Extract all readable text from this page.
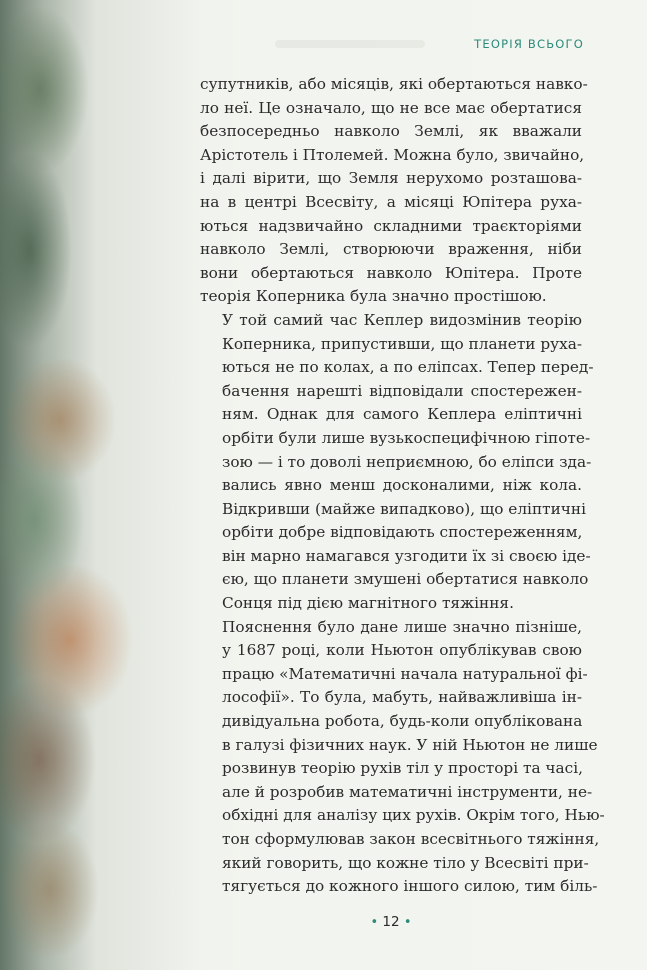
ТЕОРІЯ ВСЬОГО

супутників, або місяців, які обертаються навко-
ло неї. Це означало, що не все має обертатися
безпосередньо навколо Землі, як вважали
Арістотель і Птолемей. Можна було, звичайно,
і далі вірити, що Земля нерухомо розташова-
на в центрі Всесвіту, а місяці Юпітера руха-
ються надзвичайно складними траєкторіями
навколо Землі, створюючи враження, ніби
вони обертаються навколо Юпітера. Проте
теорія Коперника була значно простішою.

У той самий час Кеплер видозмінив теорію
Коперника, припустивши, що планети руха-
ються не по колах, а по еліпсах. Тепер перед-
бачення нарешті відповідали спостережен-
ням. Однак для самого Кеплера еліптичні
орбіти були лише вузькоспецифічною гіпоте-
зою — і то доволі неприємною, бо еліпси зда-
вались явно менш досконалими, ніж кола.
Відкривши (майже випадково), що еліптичні
орбіти добре відповідають спостереженням,
він марно намагався узгодити їх зі своєю іде-
єю, що планети змушені обертатися навколо
Сонця під дією магнітного тяжіння.

Пояснення було дане лише значно пізніше,
у 1687 році, коли Ньютон опублікував свою
працю «Математичні начала натуральної фі-
лософії». То була, мабуть, найважливіша ін-
дивідуальна робота, будь-коли опублікована
в галузі фізичних наук. У ній Ньютон не лише
розвинув теорію рухів тіл у просторі та часі,
але й розробив математичні інструменти, не-
обхідні для аналізу цих рухів. Окрім того, Нью-
тон сформулював закон всесвітнього тяжіння,
який говорить, що кожне тіло у Всесвіті при-
тягується до кожного іншого силою, тим біль-

• 12 •
